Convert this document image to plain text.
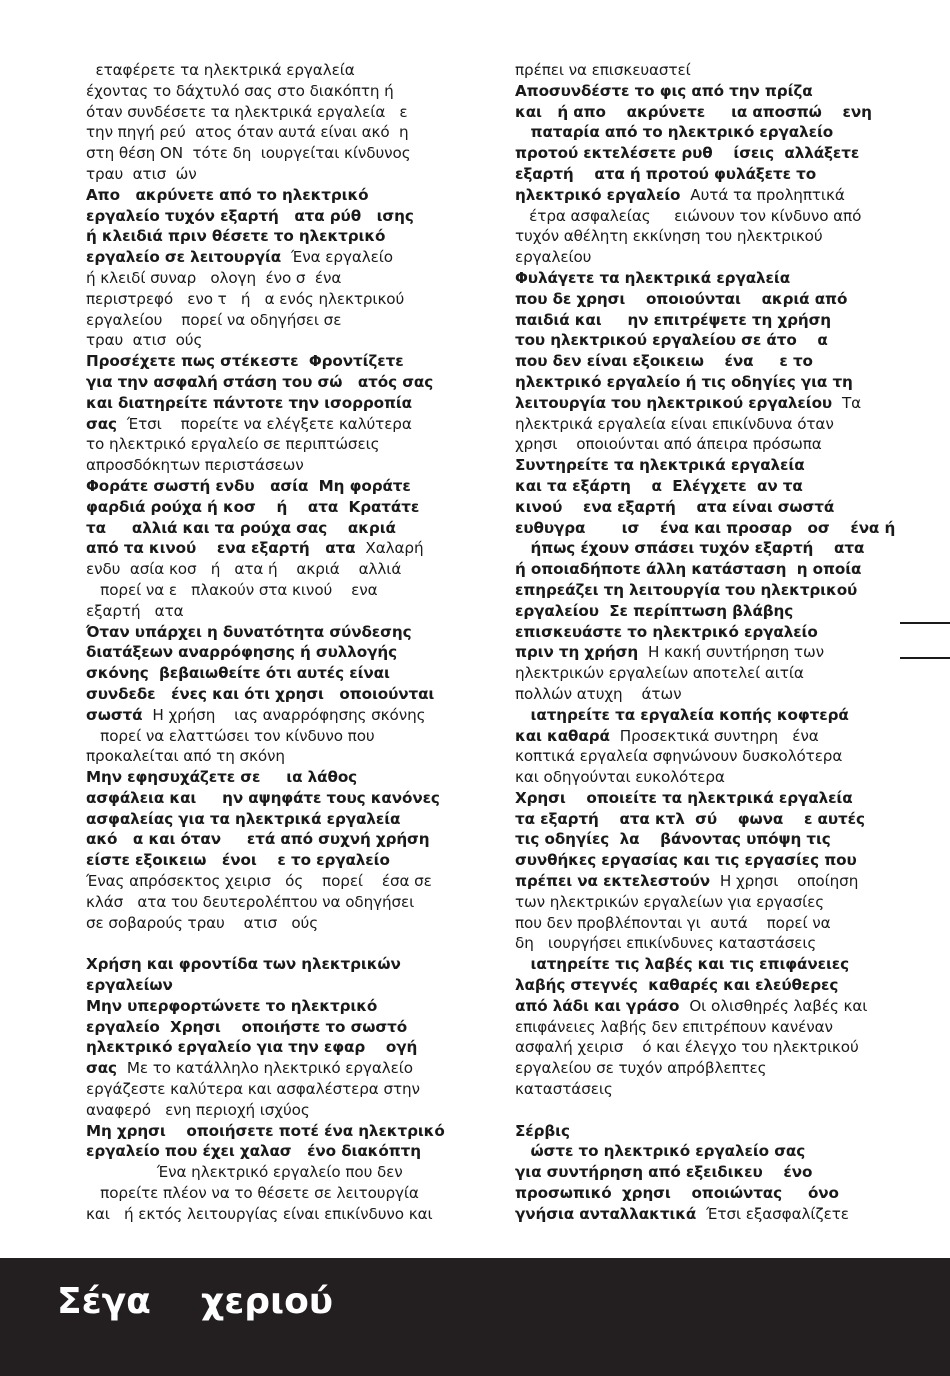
εταφέρετε τα ηλεκτρικά εργαλεία
έχοντας το δάχτυλό σας στο διακόπτη ή
όταν συνδέσετε τα ηλεκτρικά εργαλεία   ε
την πηγή ρεύ  ατος όταν αυτά είναι ακό  η
στη θέση ON  τότε δη  ιουργείται κίνδυνος
τραυ  ατισ  ών
Απο   ακρύνετε από το ηλεκτρικό
εργαλείο τυχόν εξαρτή   ατα ρύθ   ισης
ή κλειδιά πριν θέσετε το ηλεκτρικό
εργαλείο σε λειτουργία  Ένα εργαλείο
ή κλειδί συναρ   ολογη  ένο σ  ένα
περιστρεφό   ενο τ   ή   α ενός ηλεκτρικού
εργαλείου    πορεί να οδηγήσει σε
τραυ  ατισ  ούς
Προσέχετε πως στέκεστε  Φροντίζετε
για την ασφαλή στάση του σώ   ατός σας
και διατηρείτε πάντοτε την ισορροπία
σας  Έτσι    πορείτε να ελέγξετε καλύτερα
το ηλεκτρικό εργαλείο σε περιπτώσεις
απροσδόκητων περιστάσεων
Φοράτε σωστή ενδυ   ασία  Μη φοράτε
φαρδιά ρούχα ή κοσ    ή    ατα  Κρατάτε
τα     αλλιά και τα ρούχα σας    ακριά
από τα κινού    ενα εξαρτή   ατα  Χαλαρή
ενδυ  ασία κοσ   ή   ατα ή    ακριά    αλλιά
πορεί να ε   πλακούν στα κινού    ενα
εξαρτή   ατα
Όταν υπάρχει η δυνατότητα σύνδεσης
διατάξεων αναρρόφησης ή συλλογής
σκόνης  βεβαιωθείτε ότι αυτές είναι
συνδεδε   ένες και ότι χρησι   οποιούνται
σωστά  Η χρήση    ιας αναρρόφησης σκόνης
πορεί να ελαττώσει τον κίνδυνο που
προκαλείται από τη σκόνη
Μην εφησυχάζετε σε     ια λάθος
ασφάλεια και     ην αψηφάτε τους κανόνες
ασφαλείας για τα ηλεκτρικά εργαλεία
ακό   α και όταν     ετά από συχνή χρήση
είστε εξοικειω   ένοι    ε το εργαλείο
Ένας απρόσεκτος χειρισ   ός    πορεί    έσα σε
κλάσ   ατα του δευτερολέπτου να οδηγήσει
σε σοβαρούς τραυ    ατισ   ούς
Χρήση και φροντίδα των ηλεκτρικών
εργαλείων
Μην υπερφορτώνετε το ηλεκτρικό
εργαλείο  Χρησι    οποιήστε το σωστό
ηλεκτρικό εργαλείο για την εφαρ    ογή
σας  Με το κατάλληλο ηλεκτρικό εργαλείο
εργάζεστε καλύτερα και ασφαλέστερα στην
αναφερό   ενη περιοχή ισχύος
Μη χρησι    οποιήσετε ποτέ ένα ηλεκτρικό
εργαλείο που έχει χαλασ   ένο διακόπτη
Ένα ηλεκτρικό εργαλείο που δεν
πορείτε πλέον να το θέσετε σε λειτουργία
και   ή εκτός λειτουργίας είναι επικίνδυνο και
πρέπει να επισκευαστεί
Αποσυνδέστε το φις από την πρίζα
και   ή απο    ακρύνετε     ια αποσπώ    ενη
παταρία από το ηλεκτρικό εργαλείο
προτού εκτελέσετε ρυθ    ίσεις  αλλάξετε
εξαρτή    ατα ή προτού φυλάξετε το
ηλεκτρικό εργαλείο  Αυτά τα προληπτικά
έτρα ασφαλείας     ειώνουν τον κίνδυνο από
τυχόν αθέλητη εκκίνηση του ηλεκτρικού
εργαλείου
Φυλάγετε τα ηλεκτρικά εργαλεία
που δε χρησι    οποιούνται    ακριά από
παιδιά και     ην επιτρέψετε τη χρήση
του ηλεκτρικού εργαλείου σε άτο    α
που δεν είναι εξοικειω    ένα     ε το
ηλεκτρικό εργαλείο ή τις οδηγίες για τη
λειτουργία του ηλεκτρικού εργαλείου  Τα
ηλεκτρικά εργαλεία είναι επικίνδυνα όταν
χρησι    οποιούνται από άπειρα πρόσωπα
Συντηρείτε τα ηλεκτρικά εργαλεία
και τα εξάρτη    α  Ελέγχετε  αν τα
κινού    ενα εξαρτή    ατα είναι σωστά
ευθυγρα       ισ    ένα και προσαρ   οσ    ένα ή
ήπως έχουν σπάσει τυχόν εξαρτή    ατα
ή οποιαδήποτε άλλη κατάσταση  η οποία
επηρεάζει τη λειτουργία του ηλεκτρικού
εργαλείου  Σε περίπτωση βλάβης
επισκευάστε το ηλεκτρικό εργαλείο
πριν τη χρήση  Η κακή συντήρηση των
ηλεκτρικών εργαλείων αποτελεί αιτία
πολλών ατυχη    άτων
ιατηρείτε τα εργαλεία κοπής κοφτερά
και καθαρά  Προσεκτικά συντηρη   ένα
κοπτικά εργαλεία σφηνώνουν δυσκολότερα
και οδηγούνται ευκολότερα
Χρησι    οποιείτε τα ηλεκτρικά εργαλεία
τα εξαρτή    ατα κτλ  σύ    φωνα    ε αυτές
τις οδηγίες  λα    βάνοντας υπόψη τις
συνθήκες εργασίας και τις εργασίες που
πρέπει να εκτελεστούν  Η χρησι    οποίηση
των ηλεκτρικών εργαλείων για εργασίες
που δεν προβλέπονται γι  αυτά    πορεί να
δη   ιουργήσει επικίνδυνες καταστάσεις
ιατηρείτε τις λαβές και τις επιφάνειες
λαβής στεγνές  καθαρές και ελεύθερες
από λάδι και γράσο  Οι ολισθηρές λαβές και
επιφάνειες λαβής δεν επιτρέπουν κανέναν
ασφαλή χειρισ    ό και έλεγχο του ηλεκτρικού
εργαλείου σε τυχόν απρόβλεπτες
καταστάσεις
Σέρβις
ώστε το ηλεκτρικό εργαλείο σας
για συντήρηση από εξειδικευ    ένο
προσωπικό  χρησι    οποιώντας     όνο
γνήσια ανταλλακτικά  Έτσι εξασφαλίζετε
Σέγα    χεριού
